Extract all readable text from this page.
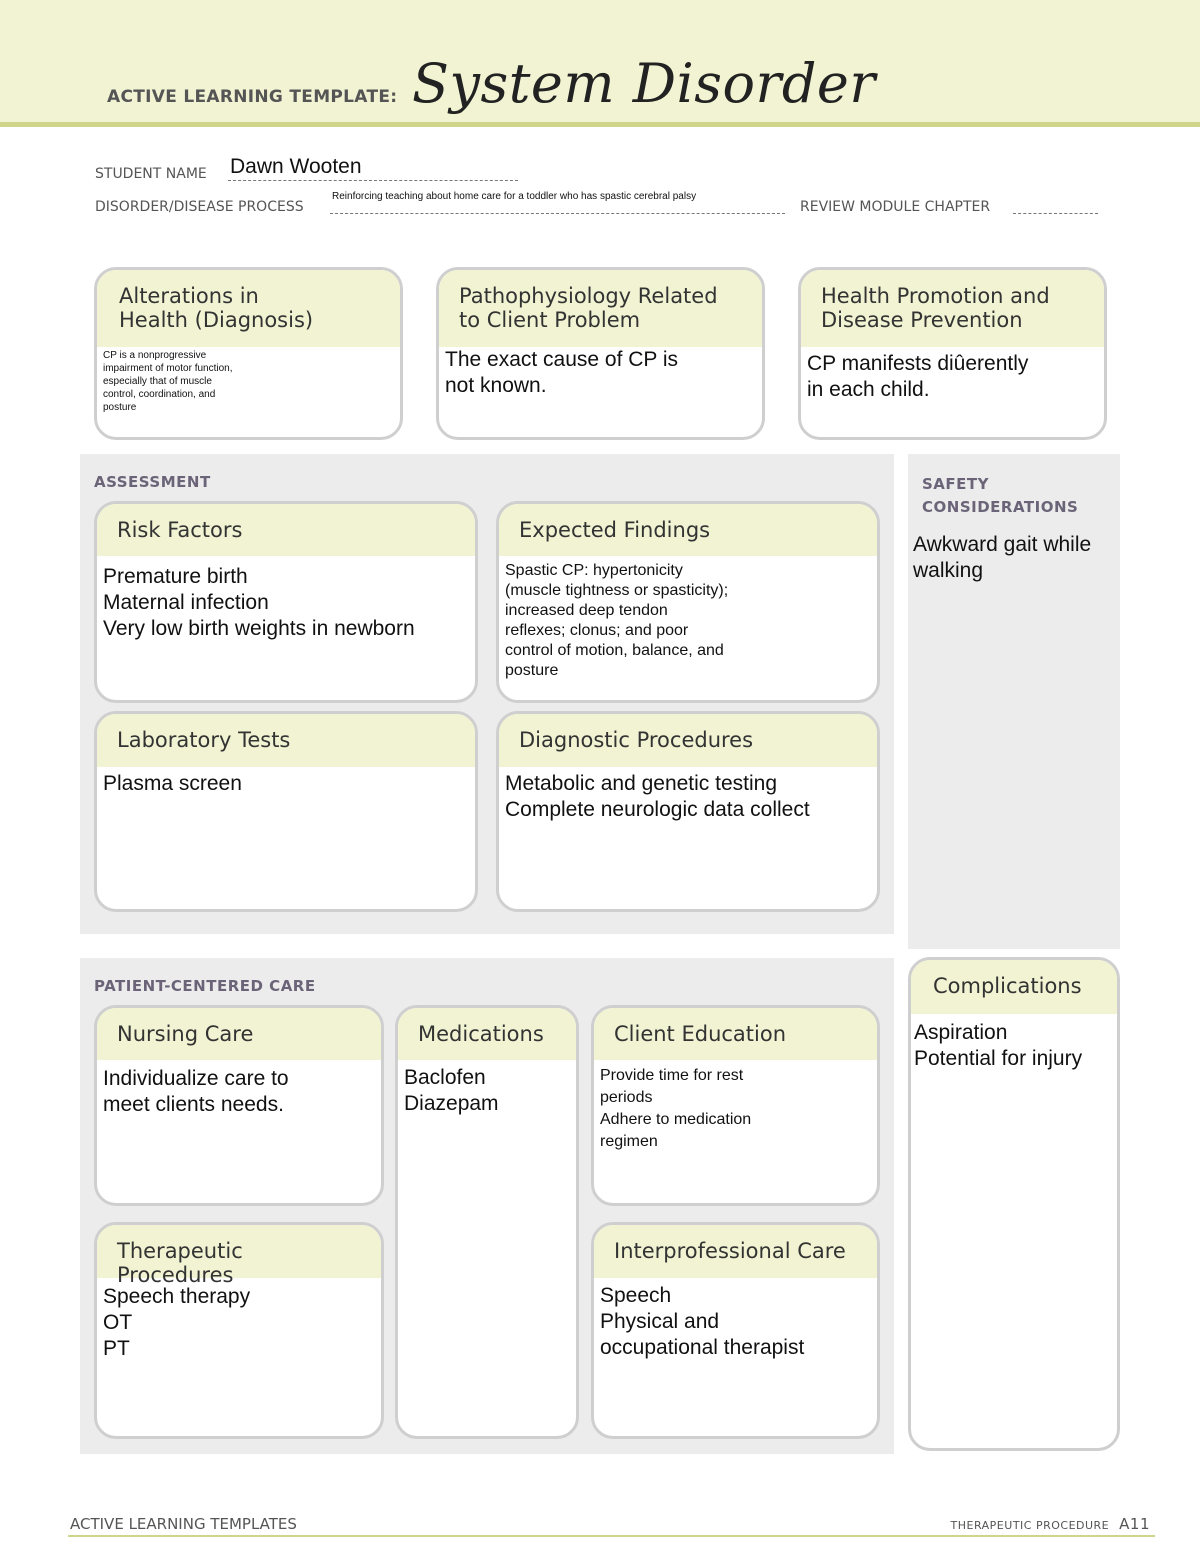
ACTIVE LEARNING TEMPLATE: System Disorder
STUDENT NAME Dawn Wooten
DISORDER/DISEASE PROCESS
Reinforcing teaching about home care for a toddler who has spastic cerebral palsy
REVIEW MODULE CHAPTER
Alterations in
Health (Diagnosis)
CP is a nonprogressive
impairment of motor function,
especially that of muscle
control, coordination, and
posture
Pathophysiology Related
to Client Problem
The exact cause of CP is
not known.
Health Promotion and
Disease Prevention
CP manifests diûerently
in each child.
ASSESSMENT
Risk Factors
Premature birth
Maternal infection
Very low birth weights in newborn
Expected Findings
Spastic CP: hypertonicity
(muscle tightness or spasticity);
increased deep tendon
reflexes; clonus; and poor
control of motion, balance, and
posture
Laboratory Tests
Plasma screen
Diagnostic Procedures
Metabolic and genetic testing
Complete neurologic data collect
SAFETY
CONSIDERATIONS
Awkward gait while
walking
PATIENT-CENTERED CARE
Nursing Care
Individualize care to
meet clients needs.
Medications
Baclofen
Diazepam
Client Education
Provide time for rest
periods
Adhere to medication
regimen
Therapeutic Procedures
Speech therapy
OT
PT
Interprofessional Care
Speech
Physical and
occupational therapist
Complications
Aspiration
Potential for injury
ACTIVE LEARNING TEMPLATES	THERAPEUTIC PROCEDURE A11
